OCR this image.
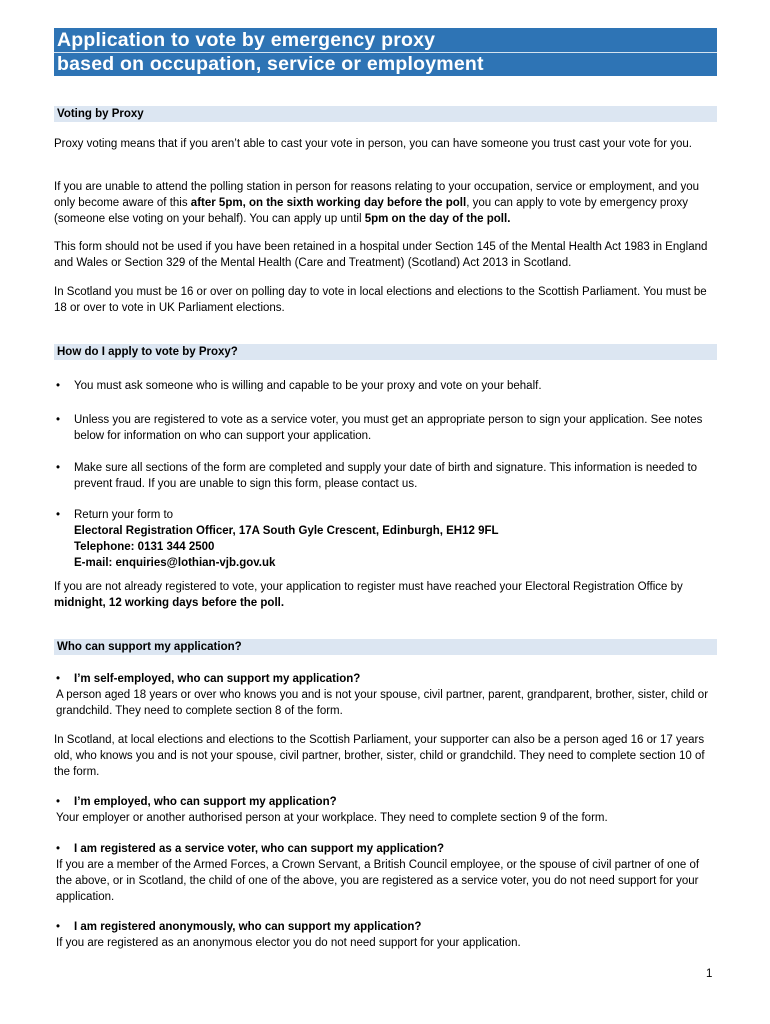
Application to vote by emergency proxy
based on occupation, service or employment
Voting by Proxy
Proxy voting means that if you aren’t able to cast your vote in person, you can have someone you trust cast your vote for you.
If you are unable to attend the polling station in person for reasons relating to your occupation, service or employment, and you only become aware of this after 5pm, on the sixth working day before the poll, you can apply to vote by emergency proxy (someone else voting on your behalf). You can apply up until 5pm on the day of the poll.
This form should not be used if you have been retained in a hospital under Section 145 of the Mental Health Act 1983 in England and Wales or Section 329 of the Mental Health (Care and Treatment) (Scotland) Act 2013 in Scotland.
In Scotland you must be 16 or over on polling day to vote in local elections and elections to the Scottish Parliament. You must be 18 or over to vote in UK Parliament elections.
How do I apply to vote by Proxy?
• You must ask someone who is willing and capable to be your proxy and vote on your behalf.
• Unless you are registered to vote as a service voter, you must get an appropriate person to sign your application. See notes below for information on who can support your application.
• Make sure all sections of the form are completed and supply your date of birth and signature. This information is needed to prevent fraud. If you are unable to sign this form, please contact us.
• Return your form to
Electoral Registration Officer, 17A South Gyle Crescent, Edinburgh, EH12 9FL
Telephone: 0131 344 2500
E-mail: enquiries@lothian-vjb.gov.uk
If you are not already registered to vote, your application to register must have reached your Electoral Registration Office by midnight, 12 working days before the poll.
Who can support my application?
• I’m self-employed, who can support my application?
A person aged 18 years or over who knows you and is not your spouse, civil partner, parent, grandparent, brother, sister, child or grandchild. They need to complete section 8 of the form.
In Scotland, at local elections and elections to the Scottish Parliament, your supporter can also be a person aged 16 or 17 years old, who knows you and is not your spouse, civil partner, brother, sister, child or grandchild. They need to complete section 10 of the form.
• I’m employed, who can support my application?
Your employer or another authorised person at your workplace. They need to complete section 9 of the form.
• I am registered as a service voter, who can support my application?
If you are a member of the Armed Forces, a Crown Servant, a British Council employee, or the spouse of civil partner of one of the above, or in Scotland, the child of one of the above, you are registered as a service voter, you do not need support for your application.
• I am registered anonymously, who can support my application?
If you are registered as an anonymous elector you do not need support for your application.
1
